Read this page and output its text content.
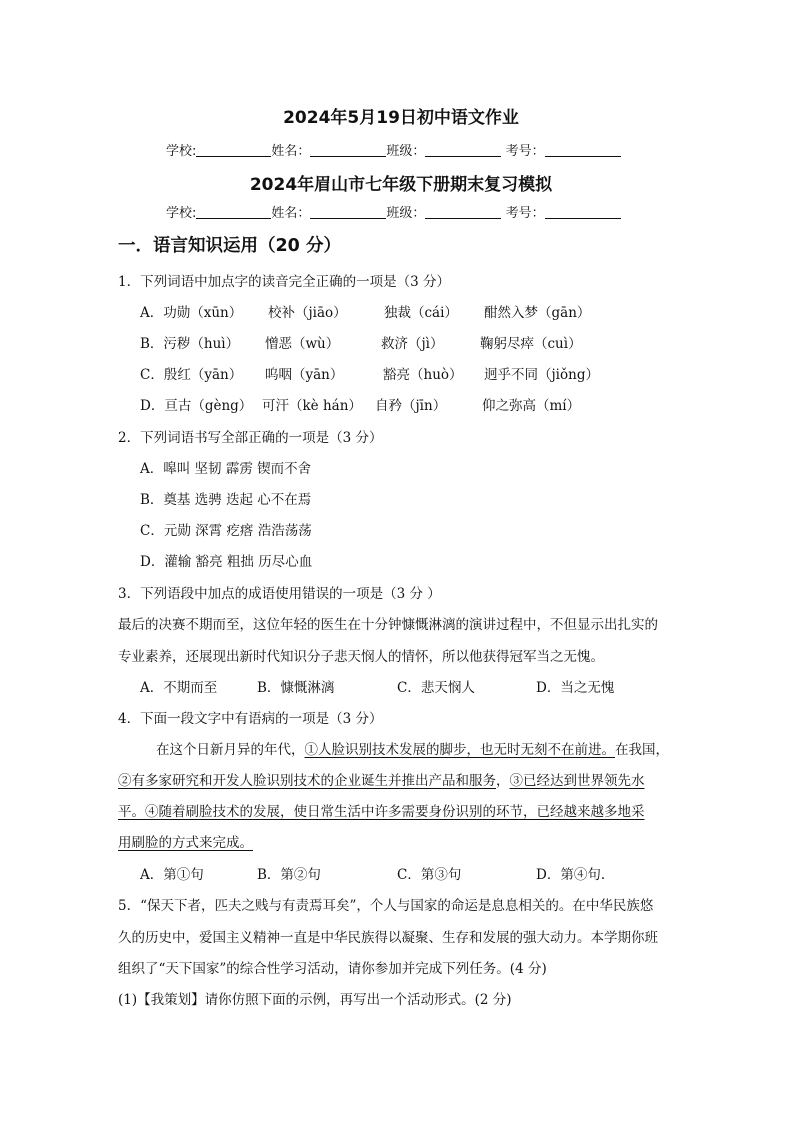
2024年5月19日初中语文作业
学校:	姓名：	班级：	考号：
2024年眉山市七年级下册期末复习模拟
学校:	姓名：	班级：	考号：
一．语言知识运用（20 分）
1．下列词语中加点字的读音完全正确的一项是（3 分）
A．功勋（xūn） 校补（jiāo）	独裁（cái） 酣然入梦（gān）
B．污秽（huì） 憎恶（wù）	救济（jì）	鞠躬尽瘁（cuì）
C．殷红（yān） 呜咽（yān）	豁亮（huò） 迥乎不同（jiǒng）
D．亘古（gèng） 可汗（kè hán） 自矜（jīn）	仰之弥高（mí）
2．下列词语书写全部正确的一项是（3 分）
A．嗥叫 坚韧 霹雳 锲而不舍
B．奠基 选骋 迭起 心不在焉
C．元勋 深霄 疙瘩 浩浩荡荡
D．灌输 豁亮 粗拙 历尽心血
3．下列语段中加点的成语使用错误的一项是（3 分 ）
最后的决赛不期而至，这位年轻的医生在十分钟慷慨淋漓的演讲过程中，不但显示出扎实的
专业素养，还展现出新时代知识分子悲天悯人的情怀，所以他获得冠军当之无愧。
A．不期而至	B．慷慨淋漓	C．悲天悯人	D．当之无愧
4．下面一段文字中有语病的一项是（3 分）
在这个日新月异的年代，①人脸识别技术发展的脚步，也无时无刻不在前进。在我国，
②有多家研究和开发人脸识别技术的企业诞生并推出产品和服务，③已经达到世界领先水
平。④随着刷脸技术的发展，使日常生活中许多需要身份识别的环节，已经越来越多地采
用刷脸的方式来完成。
A．第①句	B．第②句	C．第③句	D．第④句.
5．“保天下者，匹夫之贱与有责焉耳矣”，个人与国家的命运是息息相关的。在中华民族悠
久的历史中，爱国主义精神一直是中华民族得以凝聚、生存和发展的强大动力。本学期你班
组织了“天下国家”的综合性学习活动，请你参加并完成下列任务。(4 分)
(1)【我策划】请你仿照下面的示例，再写出一个活动形式。(2 分)
